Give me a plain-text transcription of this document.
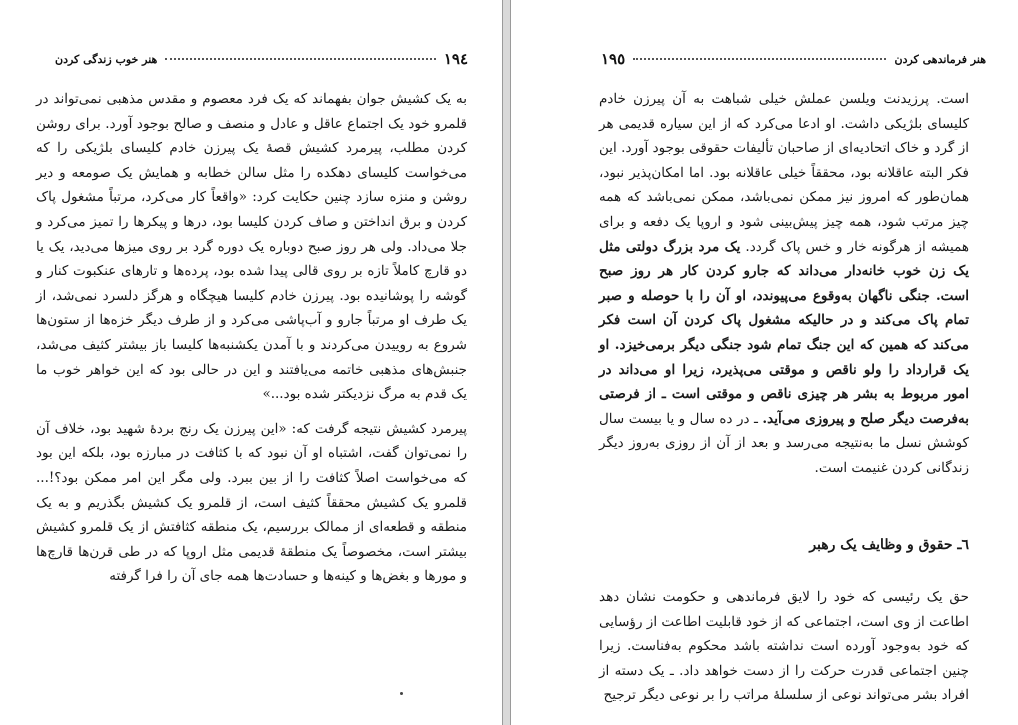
١٩٤
هنر خوب زندگی کردن

به یک کشیش جوان بفهماند که یک فرد معصوم و مقدس مذهبی نمی‌تواند در قلمرو خود یک اجتماع عاقل و عادل و منصف و صالح بوجود آورد. برای روشن کردن مطلب، پیرمرد کشیش قصهٔ یک پیرزن خادم کلیسای بلژیکی را که می‌خواست کلیسای دهکده را مثل سالن خطابه و همایش یک صومعه و دیر روشن و منزه سازد چنین حکایت کرد: «واقعاً کار می‌کرد، مرتباً مشغول پاک کردن و برق انداختن و صاف کردن کلیسا بود، درها و پیکرها را تمیز می‌کرد و جلا می‌داد. ولی هر روز صبح دوباره یک دوره گرد بر روی میزها می‌دید، یک یا دو قارچ کاملاً تازه بر روی قالی پیدا شده بود، پرده‌ها و تارهای عنکبوت کنار و گوشه را پوشانیده بود. پیرزن خادم کلیسا هیچگاه و هرگز دلسرد نمی‌شد، از یک طرف او مرتباً جارو و آب‌پاشی می‌کرد و از طرف دیگر خزه‌ها از ستون‌ها شروع به روییدن می‌کردند و با آمدن یکشنبه‌ها کلیسا باز بیشتر کثیف می‌شد، جنبش‌های مذهبی خاتمه می‌یافتند و این در حالی بود که این خواهر خوب ما یک قدم به مرگ نزدیکتر شده بود...»

پیرمرد کشیش نتیجه گرفت که: «این پیرزن یک رنج بردهٔ شهید بود، خلاف آن را نمی‌توان گفت، اشتباه او آن نبود که با کثافت در مبارزه بود، بلکه این بود که می‌خواست اصلاً کثافت را از بین ببرد. ولی مگر این امر ممکن بود؟!... قلمرو یک کشیش محققاً کثیف است، از قلمرو یک کشیش بگذریم و به یک منطقه و قطعه‌ای از ممالک بررسیم، یک منطقه کثافتش از یک قلمرو کشیش بیشتر است، مخصوصاً یک منطقهٔ قدیمی مثل اروپا که در طی قرن‌ها قارچ‌ها و مورها و بغض‌ها و کینه‌ها و حسادت‌ها همه جای آن را فرا گرفته

هنر فرماندهی کردن
١٩٥

است. پرزیدنت ویلسن عملش خیلی شباهت به آن پیرزن خادم کلیسای بلژیکی داشت. او ادعا می‌کرد که از این سیاره قدیمی هر از گرد و خاک اتحادیه‌ای از صاحبان تألیفات حقوقی بوجود آورد. این فکر البته عاقلانه بود، محققاً خیلی عاقلانه بود. اما امکان‌پذیر نبود، همان‌طور که امروز نیز ممکن نمی‌باشد، ممکن نمی‌باشد که همه چیز مرتب شود، همه چیز پیش‌بینی شود و اروپا یک دفعه و برای همیشه از هرگونه خار و خس پاک گردد. یک مرد بزرگ دولتی مثل یک زن خوب خانه‌دار می‌داند که جارو کردن کار هر روز صبح است. جنگی ناگهان به‌وقوع می‌پیوندد، او آن را با حوصله و صبر تمام پاک می‌کند و در حالیکه مشغول پاک کردن آن است فکر می‌کند که همین که این جنگ تمام شود جنگی دیگر برمی‌خیزد. او یک قرارداد را ولو ناقص و موقتی می‌پذیرد، زیرا او می‌داند در امور مربوط به بشر هر چیزی ناقص و موقتی است ـ از فرصتی به‌فرصت دیگر صلح و پیروزی می‌آید. ـ در ده سال و یا بیست سال کوشش نسل ما به‌نتیجه می‌رسد و بعد از آن از روزی به‌روز دیگر زندگانی کردن غنیمت است.

٦ـ حقوق و وظایف یک رهبر

حق یک رئیسی که خود را لایق فرماندهی و حکومت نشان دهد اطاعت از وی است، اجتماعی که از خود قابلیت اطاعت از رؤسایی که خود به‌وجود آورده است نداشته باشد محکوم به‌فناست. زیرا چنین اجتماعی قدرت حرکت را از دست خواهد داد. ـ یک دسته از افراد بشر می‌تواند نوعی از سلسلهٔ مراتب را بر نوعی دیگر ترجیح
